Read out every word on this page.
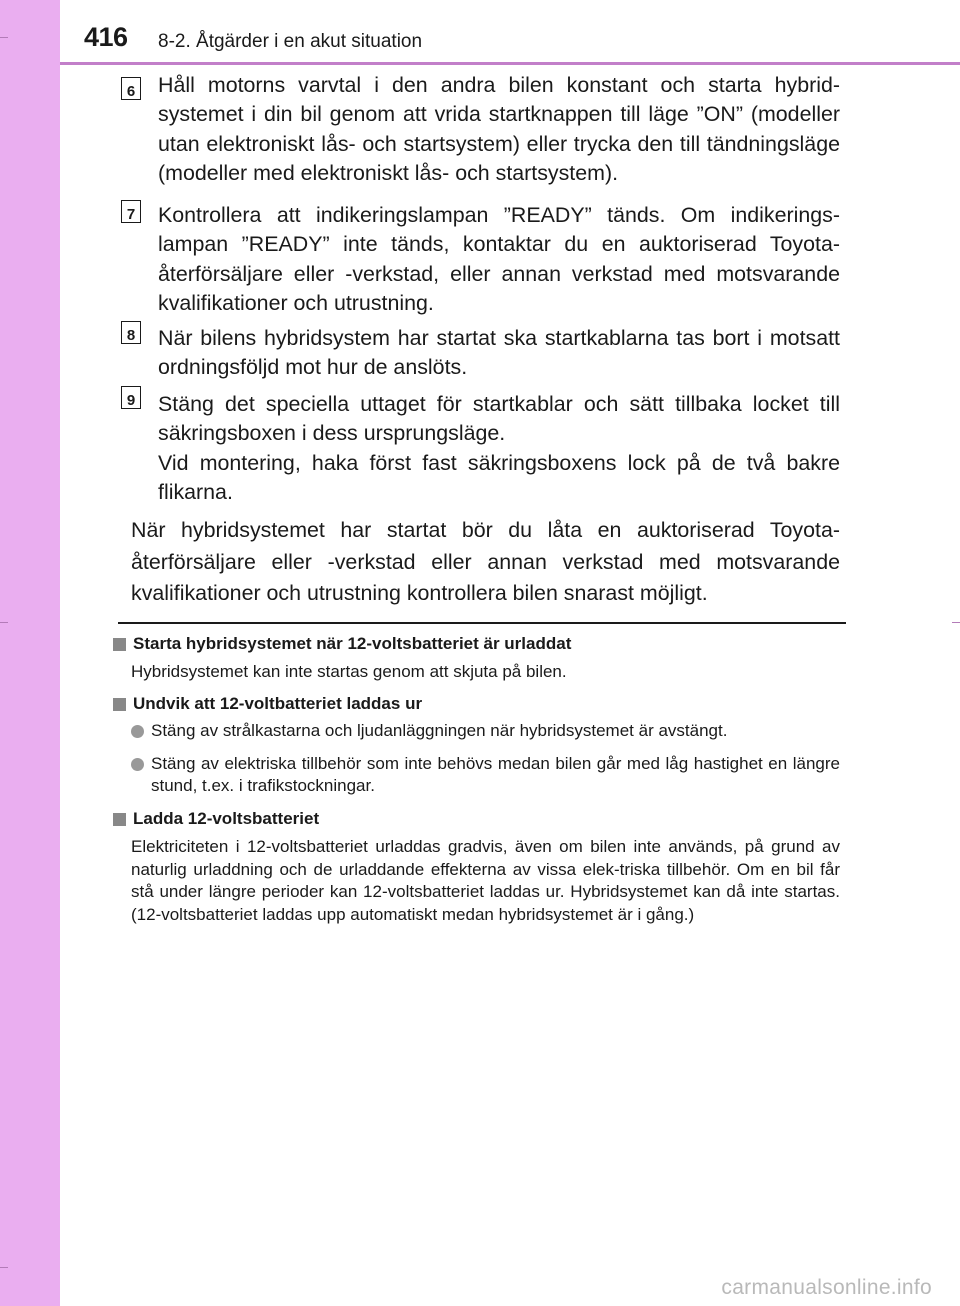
416 8-2. Åtgärder i en akut situation
6 Håll motorns varvtal i den andra bilen konstant och starta hybrid-systemet i din bil genom att vrida startknappen till läge ”ON” (modeller utan elektroniskt lås- och startsystem) eller trycka den till tändningsläge (modeller med elektroniskt lås- och startsystem).

7 Kontrollera att indikeringslampan ”READY” tänds. Om indikerings-lampan ”READY” inte tänds, kontaktar du en auktoriserad Toyota-återförsäljare eller -verkstad, eller annan verkstad med motsvarande kvalifikationer och utrustning.

8 När bilens hybridsystem har startat ska startkablarna tas bort i motsatt ordningsföljd mot hur de anslöts.

9 Stäng det speciella uttaget för startkablar och sätt tillbaka locket till säkringsboxen i dess ursprungsläge.

Vid montering, haka först fast säkringsboxens lock på de två bakre flikarna.

När hybridsystemet har startat bör du låta en auktoriserad Toyota-återförsäljare eller -verkstad eller annan verkstad med motsvarande kvalifikationer och utrustning kontrollera bilen snarast möjligt.
Starta hybridsystemet när 12-voltsbatteriet är urladdat
Hybridsystemet kan inte startas genom att skjuta på bilen.
Undvik att 12-voltbatteriet laddas ur
Stäng av strålkastarna och ljudanläggningen när hybridsystemet är avstängt.
Stäng av elektriska tillbehör som inte behövs medan bilen går med låg hastighet en längre stund, t.ex. i trafikstockningar.
Ladda 12-voltsbatteriet
Elektriciteten i 12-voltsbatteriet urladdas gradvis, även om bilen inte används, på grund av naturlig urladdning och de urladdande effekterna av vissa elek-triska tillbehör. Om en bil får stå under längre perioder kan 12-voltsbatteriet laddas ur. Hybridsystemet kan då inte startas. (12-voltsbatteriet laddas upp automatiskt medan hybridsystemet är i gång.)
carmanualsonline.info
